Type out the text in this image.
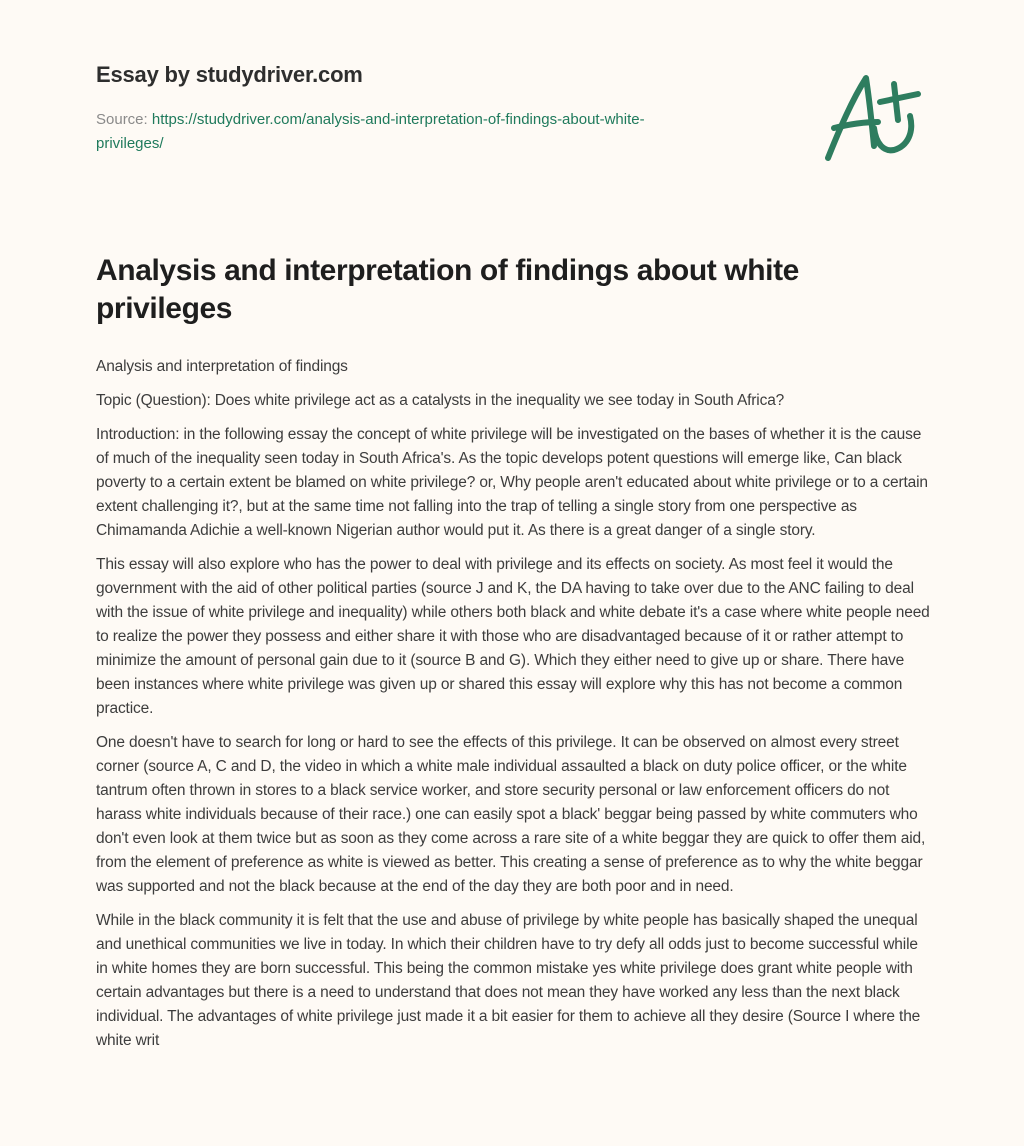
Essay by studydriver.com
Source: https://studydriver.com/analysis-and-interpretation-of-findings-about-white-
privileges/
Analysis and interpretation of findings about white privileges

Analysis and interpretation of findings

Topic (Question): Does white privilege act as a catalysts in the inequality we see today in South Africa?

Introduction: in the following essay the concept of white privilege will be investigated on the bases of whether it is the cause of much of the inequality seen today in South Africa's. As the topic develops potent questions will emerge like, Can black poverty to a certain extent be blamed on white privilege? or, Why people aren't educated about white privilege or to a certain extent challenging it?, but at the same time not falling into the trap of telling a single story from one perspective as Chimamanda Adichie a well-known Nigerian author would put it. As there is a great danger of a single story.

This essay will also explore who has the power to deal with privilege and its effects on society. As most feel it would the government with the aid of other political parties (source J and K, the DA having to take over due to the ANC failing to deal with the issue of white privilege and inequality) while others both black and white debate it's a case where white people need to realize the power they possess and either share it with those who are disadvantaged because of it or rather attempt to minimize the amount of personal gain due to it (source B and G). Which they either need to give up or share. There have been instances where white privilege was given up or shared this essay will explore why this has not become a common practice.

One doesn't have to search for long or hard to see the effects of this privilege. It can be observed on almost every street corner (source A, C and D, the video in which a white male individual assaulted a black on duty police officer, or the white tantrum often thrown in stores to a black service worker, and store security personal or law enforcement officers do not harass white individuals because of their race.) one can easily spot a black' beggar being passed by white commuters who don't even look at them twice but as soon as they come across a rare site of a white beggar they are quick to offer them aid, from the element of preference as white is viewed as better. This creating a sense of preference as to why the white beggar was supported and not the black because at the end of the day they are both poor and in need.

While in the black community it is felt that the use and abuse of privilege by white people has basically shaped the unequal and unethical communities we live in today. In which their children have to try defy all odds just to become successful while in white homes they are born successful. This being the common mistake yes white privilege does grant white people with certain advantages but there is a need to understand that does not mean they have worked any less than the next black individual. The advantages of white privilege just made it a bit easier for them to achieve all they desire (Source I where the white writ
